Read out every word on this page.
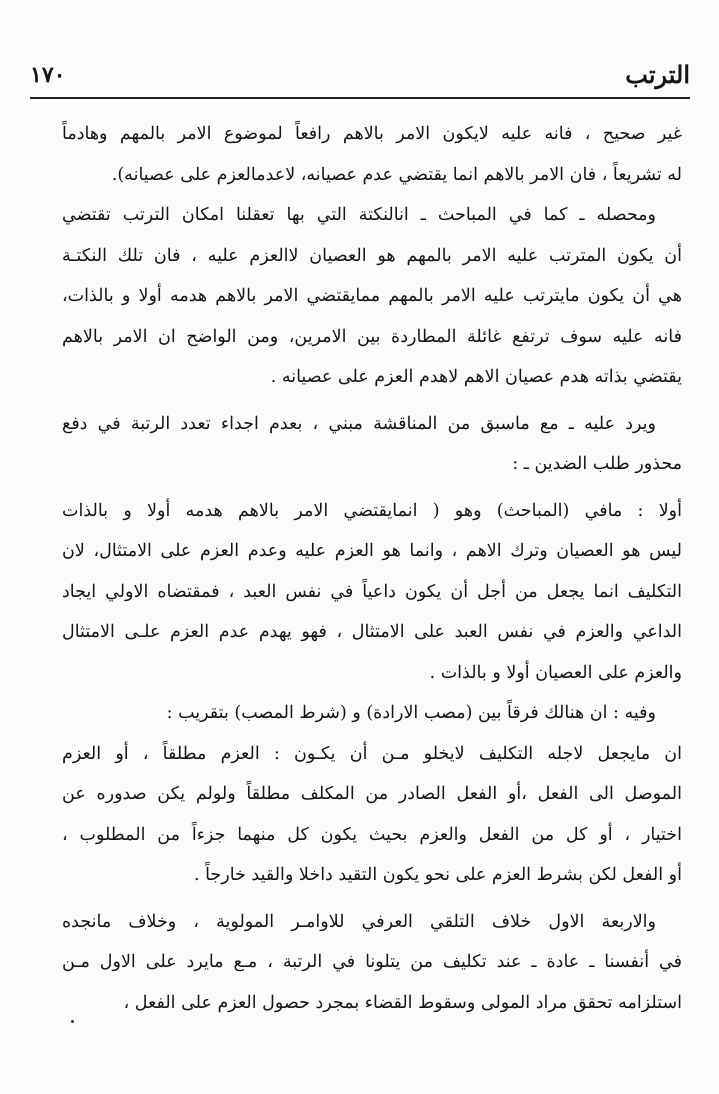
الترتب
١٧٠
غير صحيح ، فانه عليه لايكون الامر بالاهم رافعاً لموضوع الامر بالمهم وهادماً
له تشريعاً ، فان الامر بالاهم انما يقتضي عدم عصيانه، لاعدمالعزم على عصيانه).
ومحصله ـ كما في المباحث ـ انالنكتة التي بها تعقلنا امكان الترتب تقتضي
أن يكون المترتب عليه الامر بالمهم هو العصيان لاالعزم عليه ، فان تلك النكتـة
هي أن يكون مايترتب عليه الامر بالمهم ممايقتضي الامر بالاهم هدمه أولا و بالذات،
فانه عليه سوف ترتفع غائلة المطاردة بين الامرين، ومن الواضح ان الامر بالاهم
يقتضي بذاته هدم عصيان الاهم لاهدم العزم على عصيانه .
ويرد عليه ـ مع ماسبق من المناقشة مبني ، بعدم اجداء تعدد الرتبة في دفع
محذور طلب الضدين ـ :
أولا : مافي (المباحث) وهو ( انمايقتضي الامر بالاهم هدمه أولا و بالذات
ليس هو العصيان وترك الاهم ، وانما هو العزم عليه وعدم العزم على الامتثال، لان
التكليف انما يجعل من أجل أن يكون داعياً في نفس العبد ، فمقتضاه الاولي ايجاد
الداعي والعزم في نفس العبد على الامتثال ، فهو يهدم عدم العزم علـى الامتثال
والعزم على العصيان أولا و بالذات .
وفيه : ان هنالك فرقاً بين (مصب الارادة) و (شرط المصب) بتقريب :
ان مايجعل لاجله التكليف لايخلو مـن أن يكـون : العزم مطلقاً ، أو العزم
الموصل الى الفعل ،أو الفعل الصادر من المكلف مطلقاً ولولم يكن صدوره عن
اختيار ، أو كل من الفعل والعزم بحيث يكون كل منهما جزءاً من المطلوب ،
أو الفعل لكن بشرط العزم على نحو يكون التقيد داخلا والقيد خارجاً .
والاربعة الاول خلاف التلقي العرفي للاوامـر المولوية ، وخلاف مانجده
في أنفسنا ـ عادة ـ عند تكليف من يتلونا في الرتبة ، مـع مايرد على الاول مـن
استلزامه تحقق مراد المولى وسقوط القضاء بمجرد حصول العزم على الفعل ،
